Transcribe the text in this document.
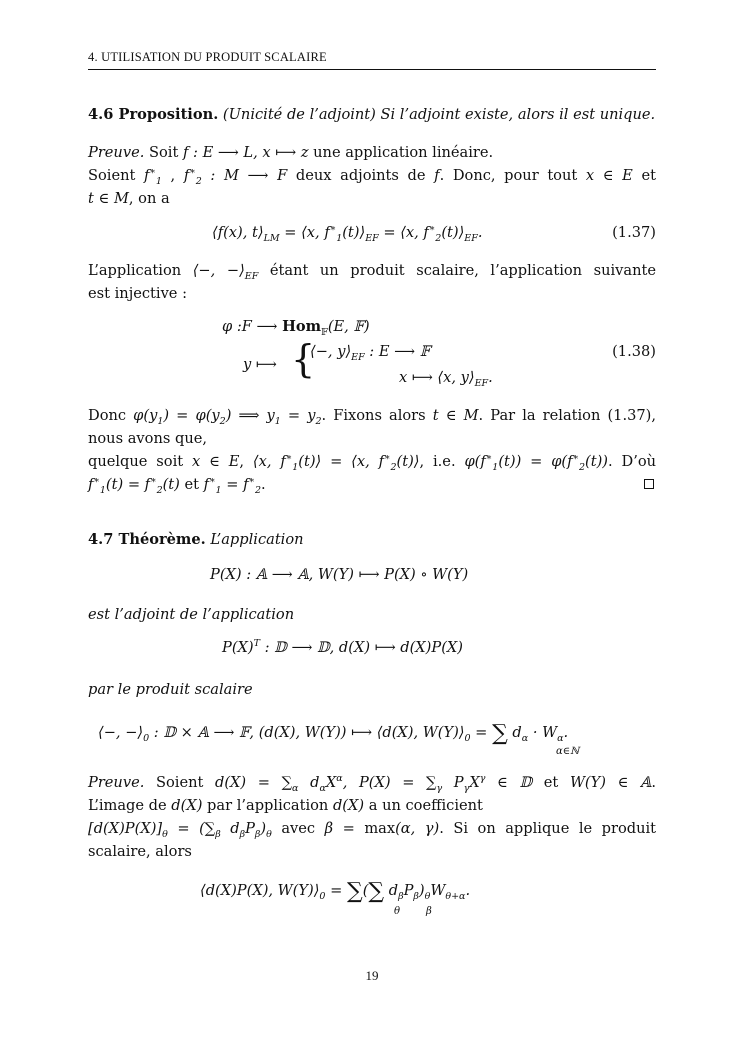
4. UTILISATION DU PRODUIT SCALAIRE

4.6 Proposition. (Unicité de l’adjoint) Si l’adjoint existe, alors il est unique.

Preuve. Soit f : E ⟶ L, x ⟼ z une application linéaire.

Soient $f^∗_1$ , $f^∗_2$ : M ⟶ F deux adjoints de f. Donc, pour tout x ∈ E et

t ∈ M, on a

⟨f(x), $t⟩_{LM}$ = ⟨x, $f^∗_1(t)⟩_{EF}$ = ⟨x, $f^∗_2(t)⟩_{EF}$.	(1.37)

L’application ⟨−, $-⟩_{EF}$ étant un produit scalaire, l’application suivante

est injective :

φ :F ⟶ Hom$_𝔽$(E, 𝔽)
y ⟼ {
⟨−, $y⟩_{EF}$ : E ⟶ 𝔽
x ⟼ ⟨x, $y⟩_{EF}$.
(1.38)

Donc $\varphi(y_1) = \varphi(y_2)$ ⟹ $y_1 = y_2$. Fixons alors t ∈ M. Par la relation (1.37),

nous avons que,

quelque soit x ∈ E, ⟨x, $f^∗_1(t)⟩$ = ⟨x, $f^∗_2(t)⟩$, i.e. $\varphi(f^∗_1(t)) = \varphi(f^∗_2(t))$. D’où

$f^∗_1(t) = f^∗_2(t)$ et $f^∗_1 = f^∗_2$.

4.7 Théorème. L’application

P(X) : 𝔸 ⟶ 𝔸, W(Y) ⟼ P(X) ∘ W(Y)

est l’adjoint de l’application

$P(X)^T$ : 𝔻 ⟶ 𝔻, d(X) ⟼ d(X)P(X)

par le produit scalaire

⟨−, $-⟩_0$ : 𝔻 × 𝔸 ⟶ 𝔽, (d(X), W(Y)) ⟼ ⟨d(X), $W(Y)⟩_0$ = ∑ $d_\alpha \cdot W_\alpha$.
α∈ℕ

Preuve. Soient $d(X) = \sum_\alpha$ $d_\alpha X^\alpha$, $P(X) = \sum_\gamma$ $P_\gamma X^\gamma$ ∈ 𝔻 et W(Y) ∈ 𝔸.

L’image de d(X) par l’application d(X) a un coefficient

$[d(X)P(X)]_\theta = (\sum_\beta$ $d_\beta P_\beta)_\theta$ avec β = max(α, γ). Si on applique le produit

scalaire, alors

⟨d(X)P(X), $W(Y)⟩_0$ = ∑(∑ $d_\beta P_\beta)_\theta W_{\theta+\alpha}$.
θ	β
19
